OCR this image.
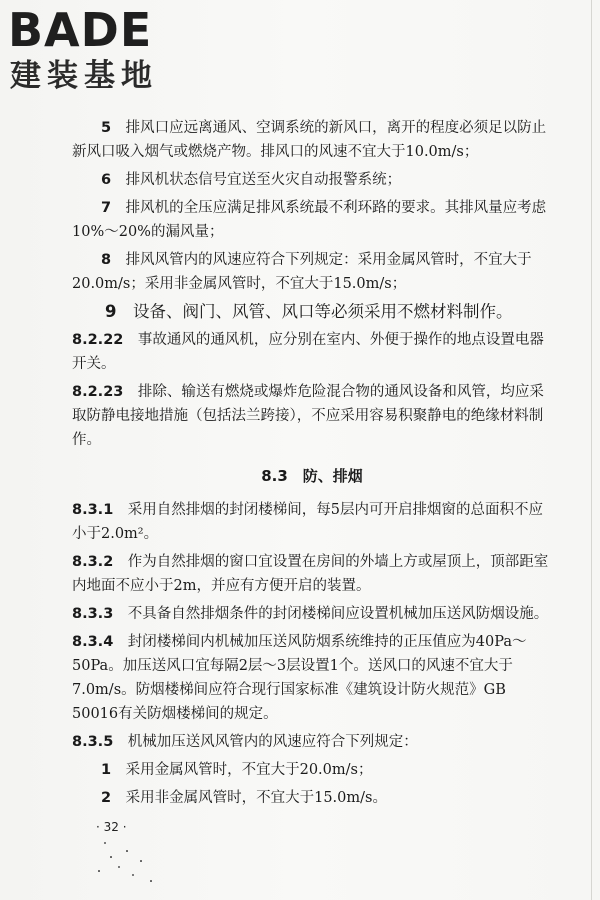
BADE
建装基地

5　 排风口应远离通风、空调系统的新风口，离开的程度必须足以防止新风口吸入烟气或燃烧产物。排风口的风速不宜大于10.0m/s；

6　 排风机状态信号宜送至火灾自动报警系统；

7　 排风机的全压应满足排风系统最不利环路的要求。其排风量应考虑10%～20%的漏风量；

8　 排风风管内的风速应符合下列规定：采用金属风管时，不宜大于20.0m/s；采用非金属风管时，不宜大于15.0m/s；

9　 设备、阀门、风管、风口等必须采用不燃材料制作。

8.2.22　 事故通风的通风机，应分别在室内、外便于操作的地点设置电器开关。

8.2.23　 排除、输送有燃烧或爆炸危险混合物的通风设备和风管，均应采取防静电接地措施（包括法兰跨接），不应采用容易积聚静电的绝缘材料制作。

8.3　防、排烟

8.3.1　 采用自然排烟的封闭楼梯间，每5层内可开启排烟窗的总面积不应小于2.0m²。

8.3.2　 作为自然排烟的窗口宜设置在房间的外墙上方或屋顶上，顶部距室内地面不应小于2m，并应有方便开启的装置。

8.3.3　 不具备自然排烟条件的封闭楼梯间应设置机械加压送风防烟设施。

8.3.4　 封闭楼梯间内机械加压送风防烟系统维持的正压值应为40Pa～50Pa。加压送风口宜每隔2层～3层设置1个。送风口的风速不宜大于7.0m/s。防烟楼梯间应符合现行国家标准《建筑设计防火规范》GB 50016有关防烟楼梯间的规定。

8.3.5　 机械加压送风风管内的风速应符合下列规定：

1　 采用金属风管时，不宜大于20.0m/s；

2　 采用非金属风管时，不宜大于15.0m/s。

· 32 ·
